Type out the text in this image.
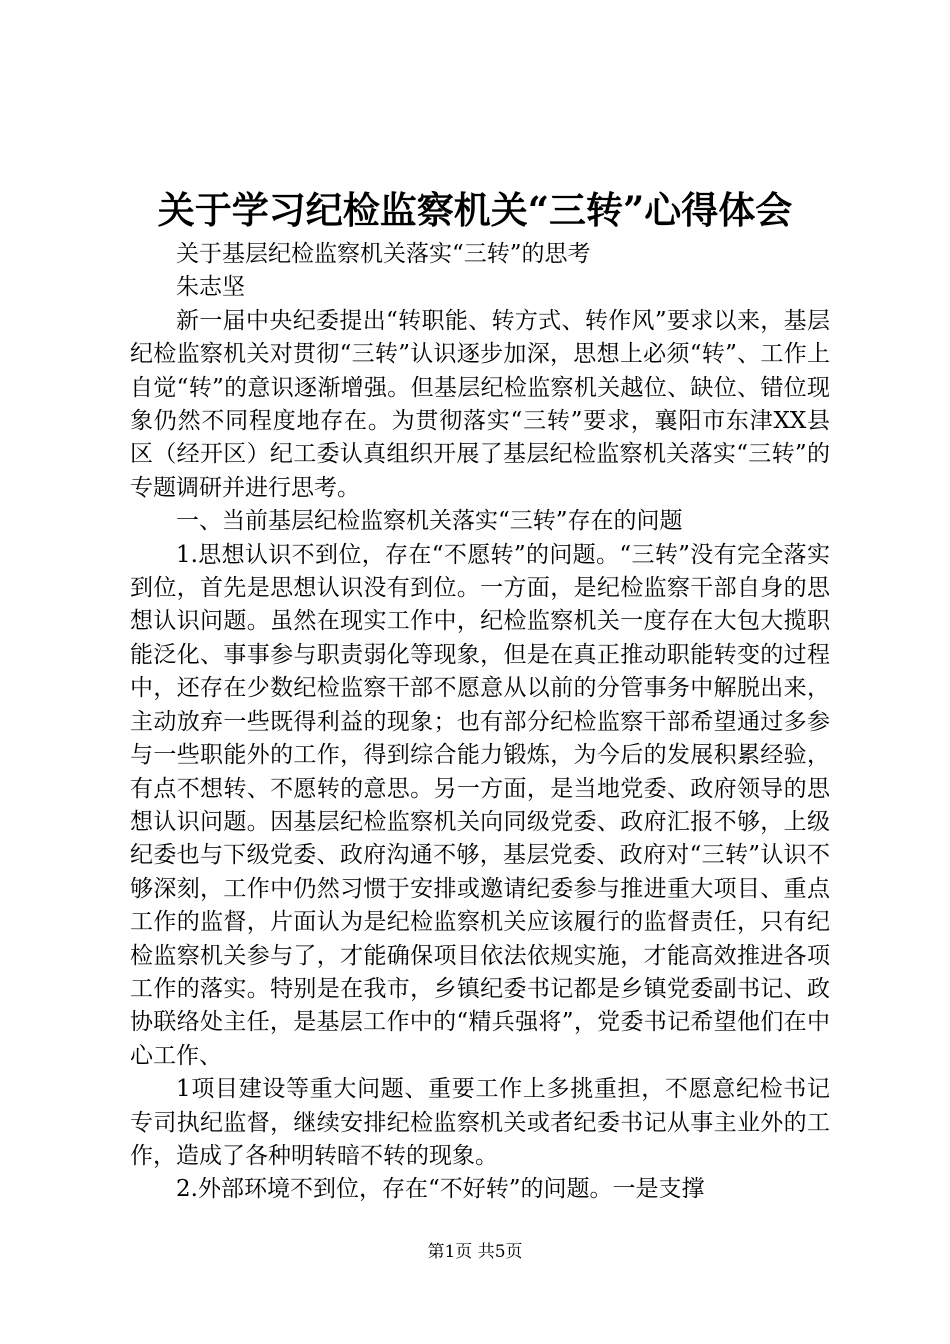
关于学习纪检监察机关“三转”心得体会

关于基层纪检监察机关落实“三转”的思考

朱志坚

新一届中央纪委提出“转职能、转方式、转作风”要求以来，基层纪检监察机关对贯彻“三转”认识逐步加深，思想上必须“转”、工作上自觉“转”的意识逐渐增强。但基层纪检监察机关越位、缺位、错位现象仍然不同程度地存在。为贯彻落实“三转”要求，襄阳市东津XX县区（经开区）纪工委认真组织开展了基层纪检监察机关落实“三转”的专题调研并进行思考。

一、当前基层纪检监察机关落实“三转”存在的问题

1.思想认识不到位，存在“不愿转”的问题。“三转”没有完全落实到位，首先是思想认识没有到位。一方面，是纪检监察干部自身的思想认识问题。虽然在现实工作中，纪检监察机关一度存在大包大揽职能泛化、事事参与职责弱化等现象，但是在真正推动职能转变的过程中，还存在少数纪检监察干部不愿意从以前的分管事务中解脱出来，主动放弃一些既得利益的现象；也有部分纪检监察干部希望通过多参与一些职能外的工作，得到综合能力锻炼，为今后的发展积累经验，有点不想转、不愿转的意思。另一方面，是当地党委、政府领导的思想认识问题。因基层纪检监察机关向同级党委、政府汇报不够，上级纪委也与下级党委、政府沟通不够，基层党委、政府对“三转”认识不够深刻，工作中仍然习惯于安排或邀请纪委参与推进重大项目、重点工作的监督，片面认为是纪检监察机关应该履行的监督责任，只有纪检监察机关参与了，才能确保项目依法依规实施，才能高效推进各项工作的落实。特别是在我市，乡镇纪委书记都是乡镇党委副书记、政协联络处主任，是基层工作中的“精兵强将”，党委书记希望他们在中心工作、

1项目建设等重大问题、重要工作上多挑重担，不愿意纪检书记专司执纪监督，继续安排纪检监察机关或者纪委书记从事主业外的工作，造成了各种明转暗不转的现象。

2.外部环境不到位，存在“不好转”的问题。一是支撑

第1页 共5页
